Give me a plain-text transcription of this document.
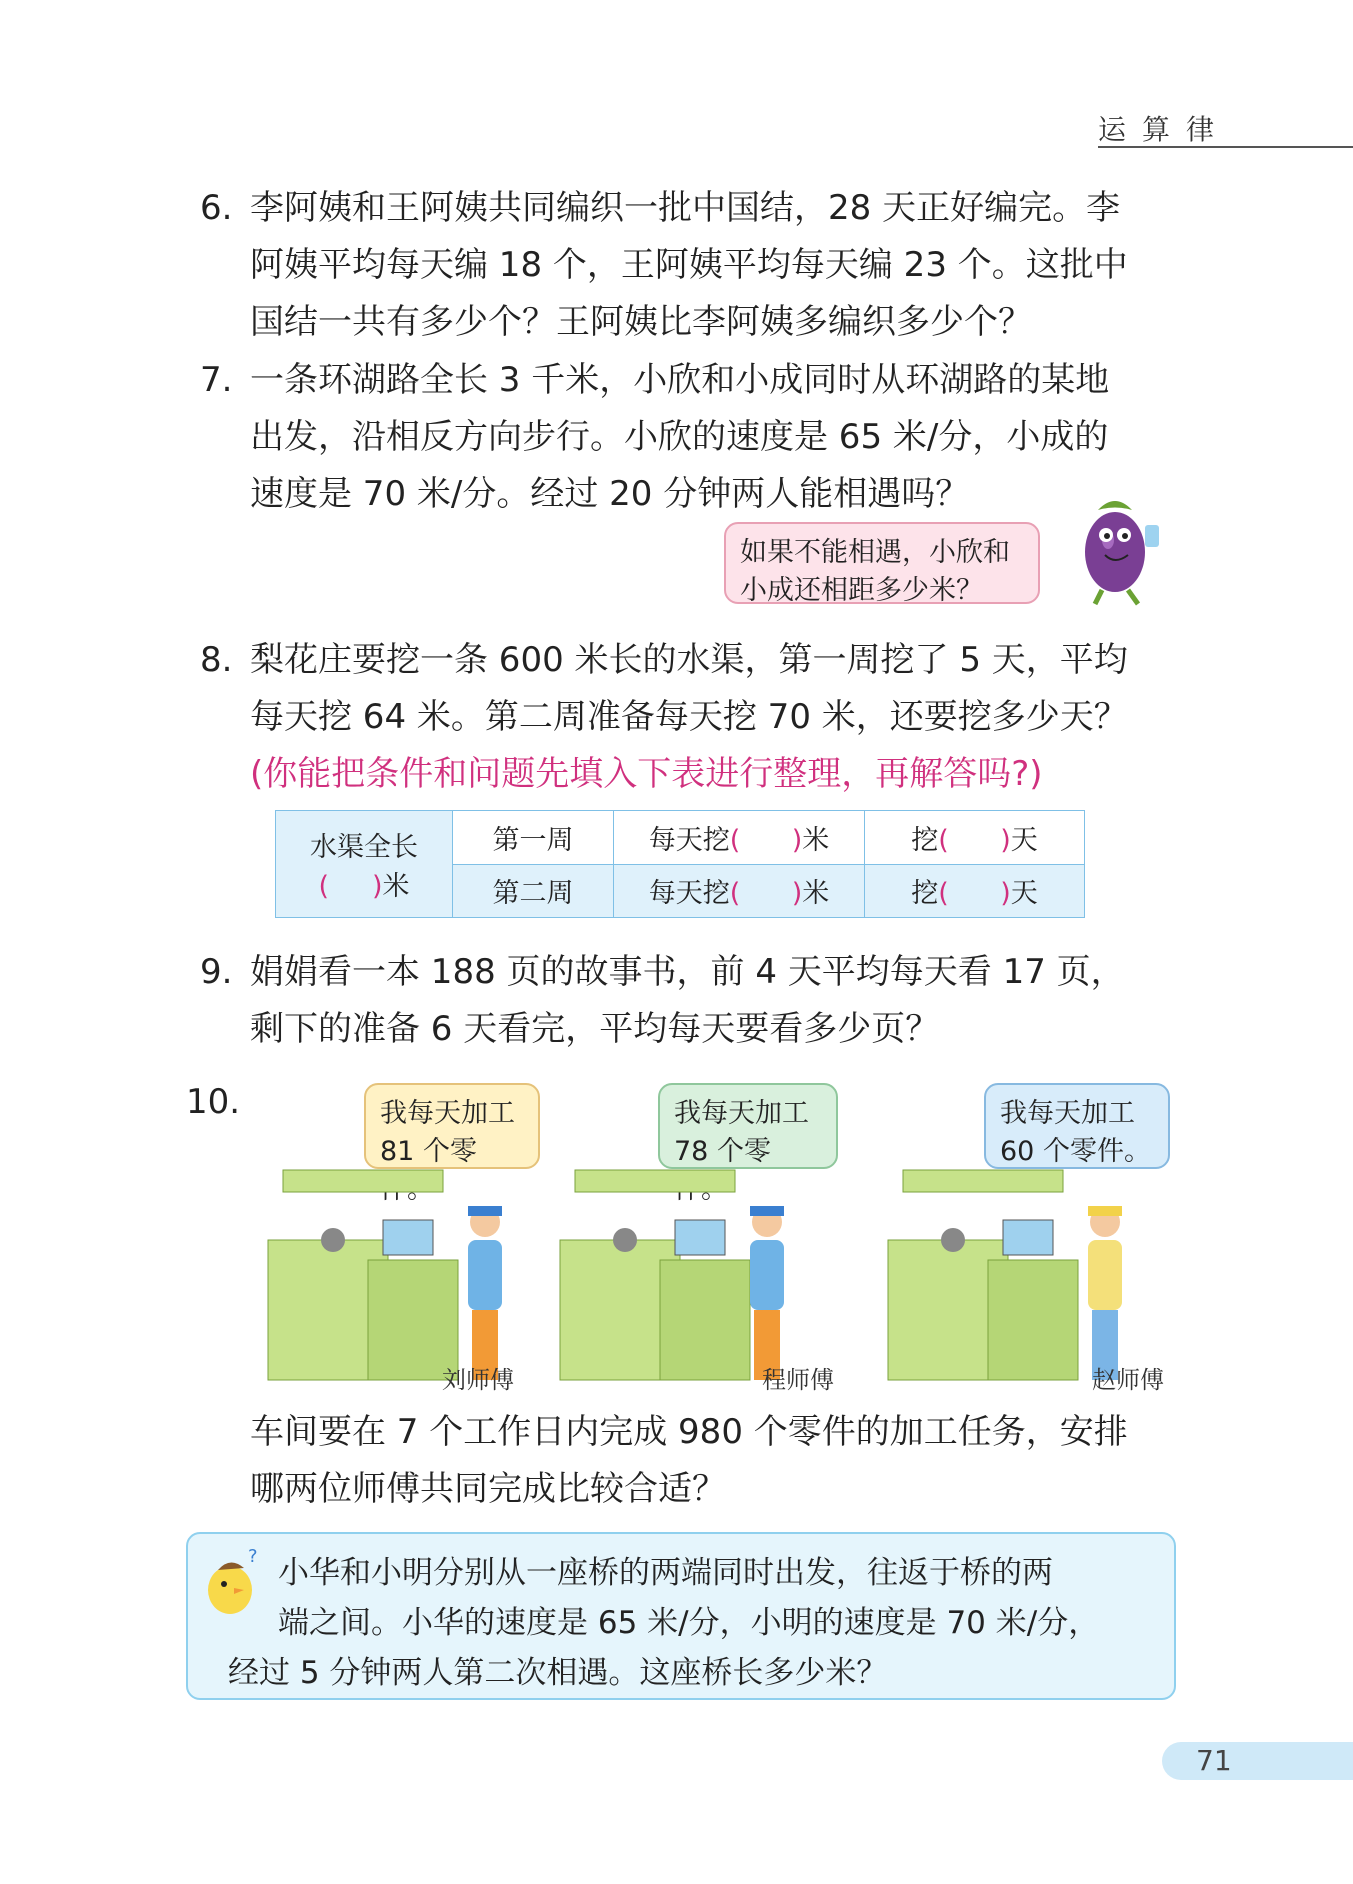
运算律
6. 李阿姨和王阿姨共同编织一批中国结，28 天正好编完。李
阿姨平均每天编 18 个，王阿姨平均每天编 23 个。这批中
国结一共有多少个？王阿姨比李阿姨多编织多少个？
7. 一条环湖路全长 3 千米，小欣和小成同时从环湖路的某地
出发，沿相反方向步行。小欣的速度是 65 米/分，小成的
速度是 70 米/分。经过 20 分钟两人能相遇吗？
如果不能相遇，小欣和
小成还相距多少米？
8. 梨花庄要挖一条 600 米长的水渠，第一周挖了 5 天，平均
每天挖 64 米。第二周准备每天挖 70 米，还要挖多少天？
(你能把条件和问题先填入下表进行整理，再解答吗?)
水渠全长
( )米	第一周	每天挖( )米	挖( )天
	第二周	每天挖( )米	挖( )天
9. 娟娟看一本 188 页的故事书，前 4 天平均每天看 17 页，
剩下的准备 6 天看完，平均每天要看多少页？
10.	我每天加工
81 个零
我每天加工
78 个零
我每天加工
60 个零件。
刘师傅	程师傅	赵师傅
车间要在 7 个工作日内完成 980 个零件的加工任务，安排
哪两位师傅共同完成比较合适？
? 小华和小明分别从一座桥的两端同时出发，往返于桥的两
端之间。小华的速度是 65 米/分，小明的速度是 70 米/分，
经过 5 分钟两人第二次相遇。这座桥长多少米？
71
